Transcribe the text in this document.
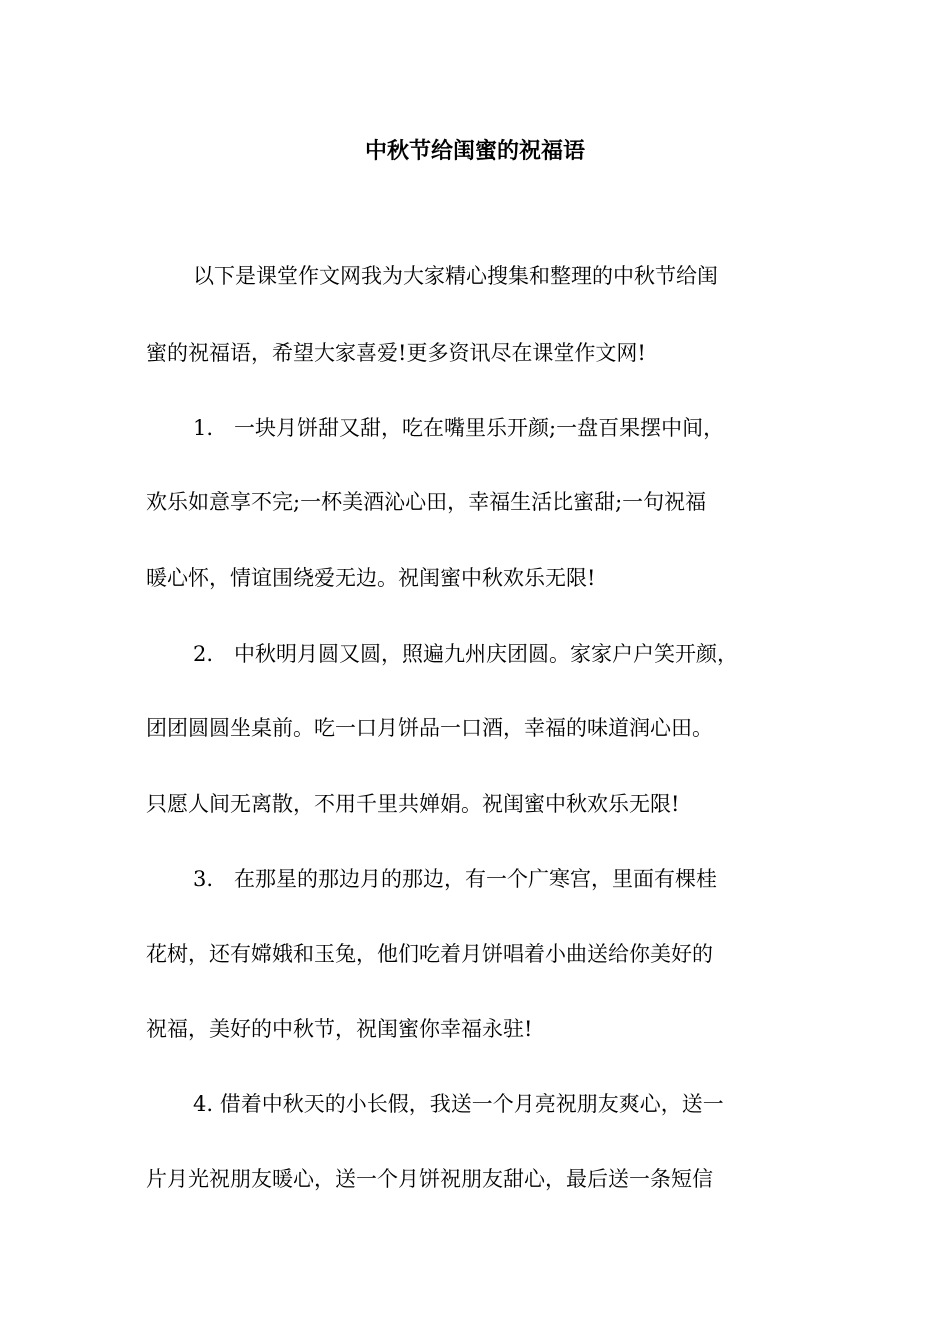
中秋节给闺蜜的祝福语
以下是课堂作文网我为大家精心搜集和整理的中秋节给闺
蜜的祝福语，希望大家喜爱!更多资讯尽在课堂作文网!
1.　一块月饼甜又甜，吃在嘴里乐开颜;一盘百果摆中间，
欢乐如意享不完;一杯美酒沁心田，幸福生活比蜜甜;一句祝福
暖心怀，情谊围绕爱无边。祝闺蜜中秋欢乐无限!
2.　中秋明月圆又圆，照遍九州庆团圆。家家户户笑开颜，
团团圆圆坐桌前。吃一口月饼品一口酒，幸福的味道润心田。
只愿人间无离散，不用千里共婵娟。祝闺蜜中秋欢乐无限!
3.　在那星的那边月的那边，有一个广寒宫，里面有棵桂
花树，还有嫦娥和玉兔，他们吃着月饼唱着小曲送给你美好的
祝福，美好的中秋节，祝闺蜜你幸福永驻!
4. 借着中秋天的小长假，我送一个月亮祝朋友爽心，送一
片月光祝朋友暖心，送一个月饼祝朋友甜心，最后送一条短信
